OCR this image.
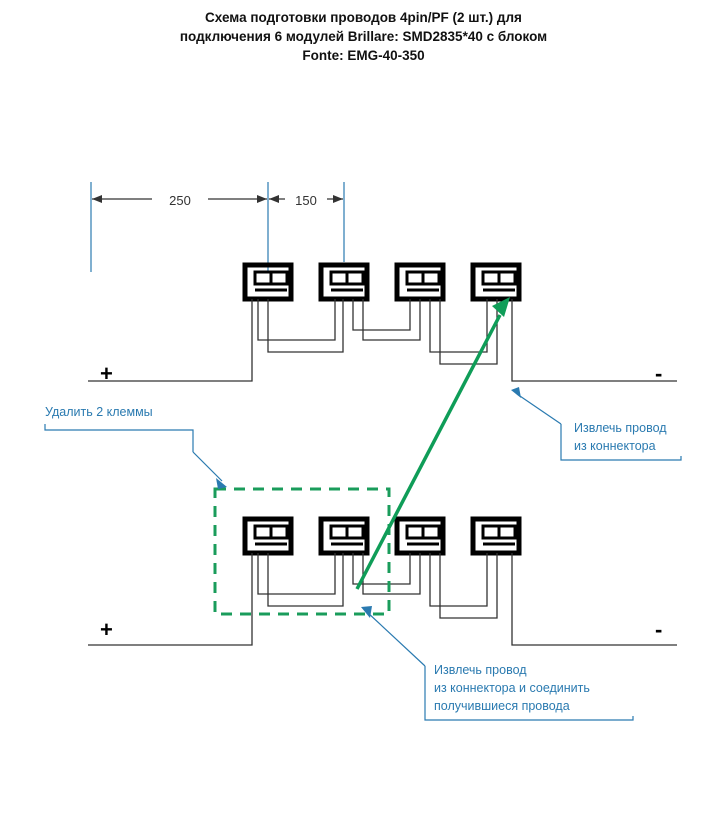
Схема подготовки проводов 4pin/PF (2 шт.) для
подключения 6 модулей Brillare: SMD2835*40 с блоком
Fonte: EMG-40-350
250	150
+	-
+	-
Удалить 2 клеммы
Извлечь провод
из коннектора
Извлечь провод
из коннектора и соединить
получившиеся провода
